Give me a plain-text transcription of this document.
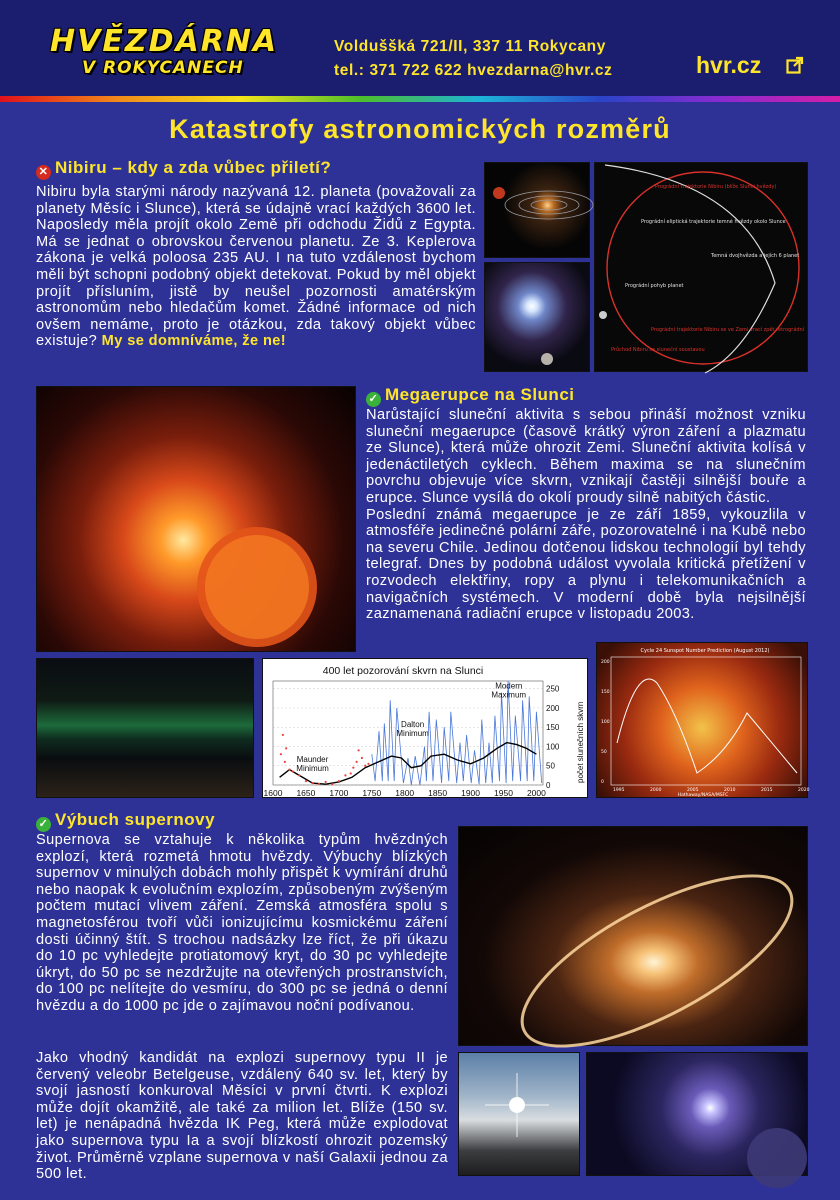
HVĚZDÁRNA
V ROKYCANECH
Volduššká 721/II, 337 11 Rokycany
tel.: 371 722 622 hvezdarna@hvr.cz	hvr.cz
Katastrofy astronomických rozměrů
✕ Nibiru – kdy a zda vůbec přiletí?
Nibiru byla starými národy nazývaná 12. planeta (považovali za planety Měsíc i Slunce), která se údajně vrací každých 3600 let. Naposledy měla projít okolo Země při odchodu Židů z Egypta. Má se jednat o obrovskou červenou planetu. Ze 3. Keplerova zákona je velká poloosa 235 AU. I na tuto vzdálenost bychom měli být schopni podobný objekt detekovat. Pokud by měl objekt projít přísluním, jistě by neušel pozornosti amatérským astronomům nebo hledačům komet. Žádné informace od nich ovšem nemáme, proto je otázkou, zda takový objekt vůbec existuje? My se domníváme, že ne!
Prográdní trajektorie Nibiru (blíže Slunci hvězdy)
Prográdní eliptická trajektorie temné hvězdy okolo Slunce
Temná dvojhvězda a jejích 6 planet
Prográdní pohyb planet
Prográdní trajektorie Nibiru se ve Zemi vrací zpět retrográdní
Průchod Nibiru se sluneční soustavou
✓ Megaerupce na Slunci
Narůstající sluneční aktivita s sebou přináší možnost vzniku sluneční megaerupce (časově krátký výron záření a plazmatu ze Slunce), která může ohrozit Zemi. Sluneční aktivita kolísá v jedenáctiletých cyklech. Během maxima se na slunečním povrchu objevuje více skvrn, vznikají častěji silnější bouře a erupce. Slunce vysílá do okolí proudy silně nabitých částic.
Poslední známá megaerupce je ze září 1859, vykouzlila v atmosféře jedinečné polární záře, pozorovatelné i na Kubě nebo na severu Chile. Jedinou dotčenou lidskou technologií byl tehdy telegraf. Dnes by podobná událost vyvolala kritická přetížení v rozvodech elektřiny, ropy a plynu i telekomunikačních a navigačních systémech. V moderní době byla nejsilnější zaznamenaná radiační erupce v listopadu 2003.
400 let pozorování skvrn na Slunci
0
50
100
150
200
250
1600 1650 1700 1750 1800 1850 1900 1950 2000
Maunder
Minimum
Dalton
Minimum
Modern
Maximum
počet slunečních skvrn
Cycle 24 Sunspot Number Prediction (August 2012)
Hathaway/NASA/MSFC
1995	2000	2005	2010	2015	2020
0
50
100
150
200
✓ Výbuch supernovy
Supernova se vztahuje k několika typům hvězdných explozí, která rozmetá hmotu hvězdy. Výbuchy blízkých supernov v minulých dobách mohly přispět k vymírání druhů nebo naopak k evolučním explozím, způsobeným zvýšeným počtem mutací vlivem záření. Zemská atmosféra spolu s magnetosférou tvoří vůči ionizujícímu kosmickému záření dosti účinný štít. S trochou nadsázky lze říct, že při úkazu do 10 pc vyhledejte protiatomový kryt, do 30 pc vyhledejte úkryt, do 50 pc se nezdržujte na otevřených prostranstvích, do 100 pc nelítejte do vesmíru, do 300 pc se jedná o denní hvězdu a do 1000 pc jde o zajímavou noční podívanou.
Jako vhodný kandidát na explozi supernovy typu II je červený veleobr Betelgeuse, vzdálený 640 sv. let, který by svojí jasností konkuroval Měsíci v první čtvrti. K explozi může dojít okamžitě, ale také za milion let. Blíže (150 sv. let) je nenápadná hvězda IK Peg, která může explodovat jako supernova typu Ia a svojí blízkostí ohrozit pozemský život. Průměrně vzplane supernova v naší Galaxii jednou za 500 let.
